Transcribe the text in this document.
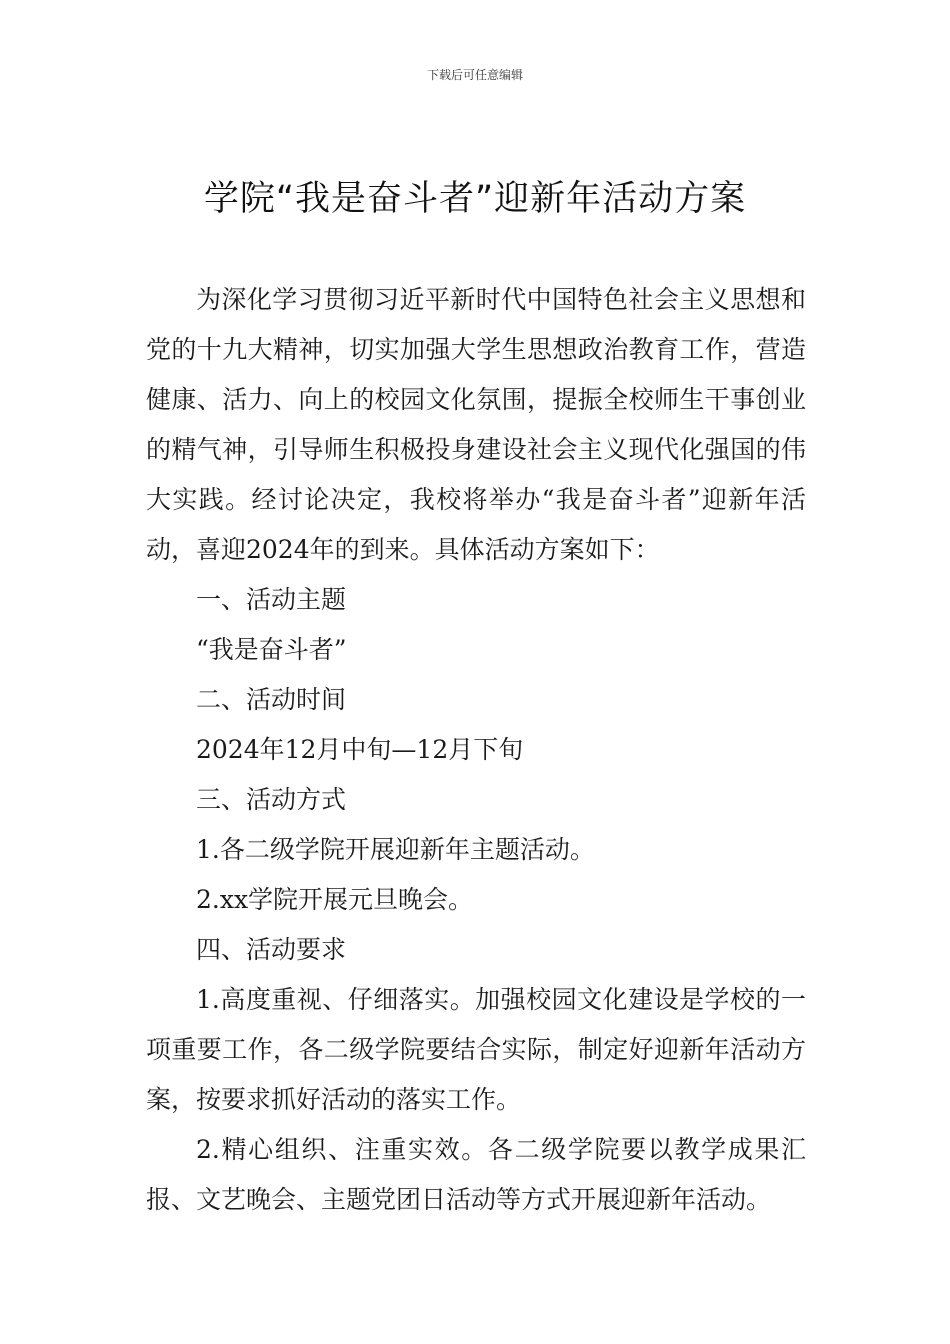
下载后可任意编辑
学院“我是奋斗者”迎新年活动方案

为深化学习贯彻习近平新时代中国特色社会主义思想和党的十九大精神，切实加强大学生思想政治教育工作，营造健康、活力、向上的校园文化氛围，提振全校师生干事创业的精气神，引导师生积极投身建设社会主义现代化强国的伟大实践。经讨论决定，我校将举办“我是奋斗者”迎新年活动，喜迎2024年的到来。具体活动方案如下：

一、活动主题

“我是奋斗者”

二、活动时间

2024年12月中旬—12月下旬

三、活动方式

1.各二级学院开展迎新年主题活动。

2.xx学院开展元旦晚会。

四、活动要求

1.高度重视、仔细落实。加强校园文化建设是学校的一项重要工作，各二级学院要结合实际，制定好迎新年活动方案，按要求抓好活动的落实工作。

2.精心组织、注重实效。各二级学院要以教学成果汇报、文艺晚会、主题党团日活动等方式开展迎新年活动。
